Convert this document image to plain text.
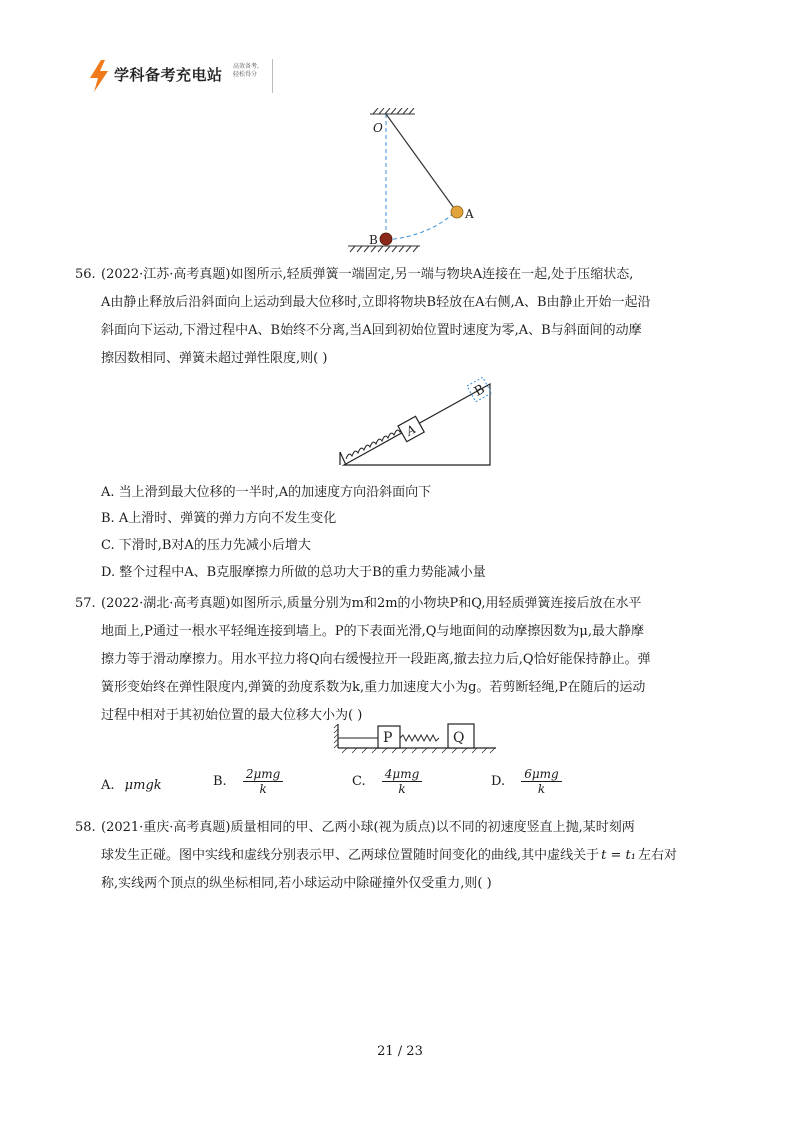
学科备考充电站 高效备考,
轻松得分
O
A
B

56. (2022·江苏·高考真题)如图所示,轻质弹簧一端固定,另一端与物块A连接在一起,处于压缩状态,

A由静止释放后沿斜面向上运动到最大位移时,立即将物块B轻放在A右侧,A、B由静止开始一起沿

斜面向下运动,下滑过程中A、B始终不分离,当A回到初始位置时速度为零,A、B与斜面间的动摩

擦因数相同、弹簧未超过弹性限度,则( )

A
B
A. 当上滑到最大位移的一半时,A的加速度方向沿斜面向下
B. A上滑时、弹簧的弹力方向不发生变化
C. 下滑时,B对A的压力先减小后增大
D. 整个过程中A、B克服摩擦力所做的总功大于B的重力势能减小量

57. (2022·湖北·高考真题)如图所示,质量分别为m和2m的小物块P和Q,用轻质弹簧连接后放在水平

地面上,P通过一根水平轻绳连接到墙上。P的下表面光滑,Q与地面间的动摩擦因数为μ,最大静摩

擦力等于滑动摩擦力。用水平拉力将Q向右缓慢拉开一段距离,撤去拉力后,Q恰好能保持静止。弹

簧形变始终在弹性限度内,弹簧的劲度系数为k,重力加速度大小为g。若剪断轻绳,P在随后的运动

过程中相对于其初始位置的最大位移大小为( )

P	Q
A. μmgk	B. $\frac{\text{2μmg}}{k}$	C. $\frac{\text{4μmg}}{k}$	D. $\frac{\text{6μmg}}{k}$

58. (2021·重庆·高考真题)质量相同的甲、乙两小球(视为质点)以不同的初速度竖直上抛,某时刻两

球发生正碰。图中实线和虚线分别表示甲、乙两球位置随时间变化的曲线,其中虚线关于 t = t₁ 左右对

称,实线两个顶点的纵坐标相同,若小球运动中除碰撞外仅受重力,则( )

21 / 23
